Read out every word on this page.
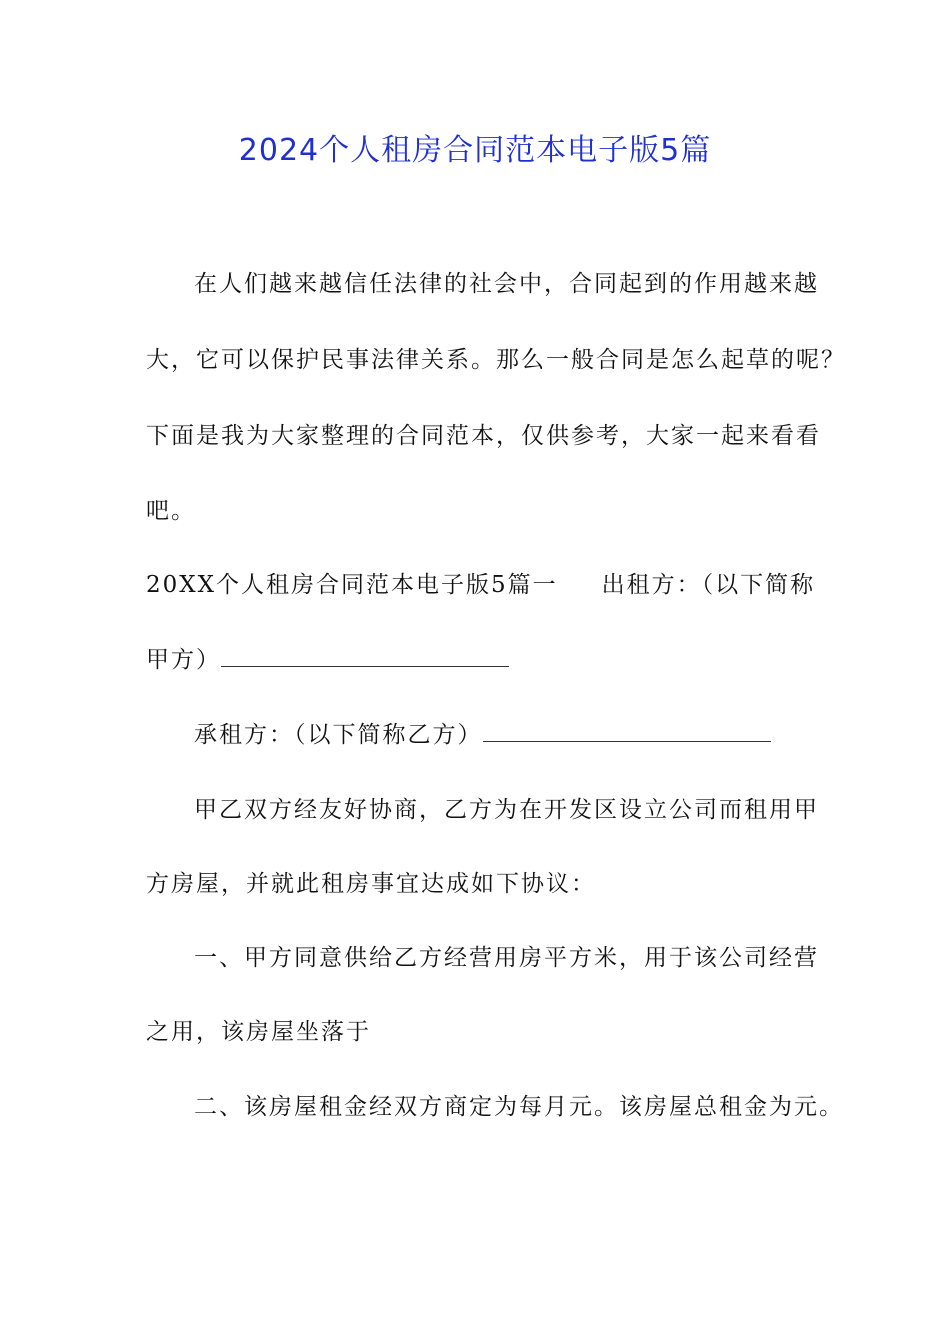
2024个人租房合同范本电子版5篇
在人们越来越信任法律的社会中，合同起到的作用越来越
大，它可以保护民事法律关系。那么一般合同是怎么起草的呢？
下面是我为大家整理的合同范本，仅供参考，大家一起来看看
吧。
20XX个人租房合同范本电子版5篇一 出租方：（以下简称
甲方）
承租方：（以下简称乙方）
甲乙双方经友好协商，乙方为在开发区设立公司而租用甲
方房屋，并就此租房事宜达成如下协议：
一、甲方同意供给乙方经营用房平方米，用于该公司经营
之用，该房屋坐落于
二、该房屋租金经双方商定为每月元。该房屋总租金为元。
